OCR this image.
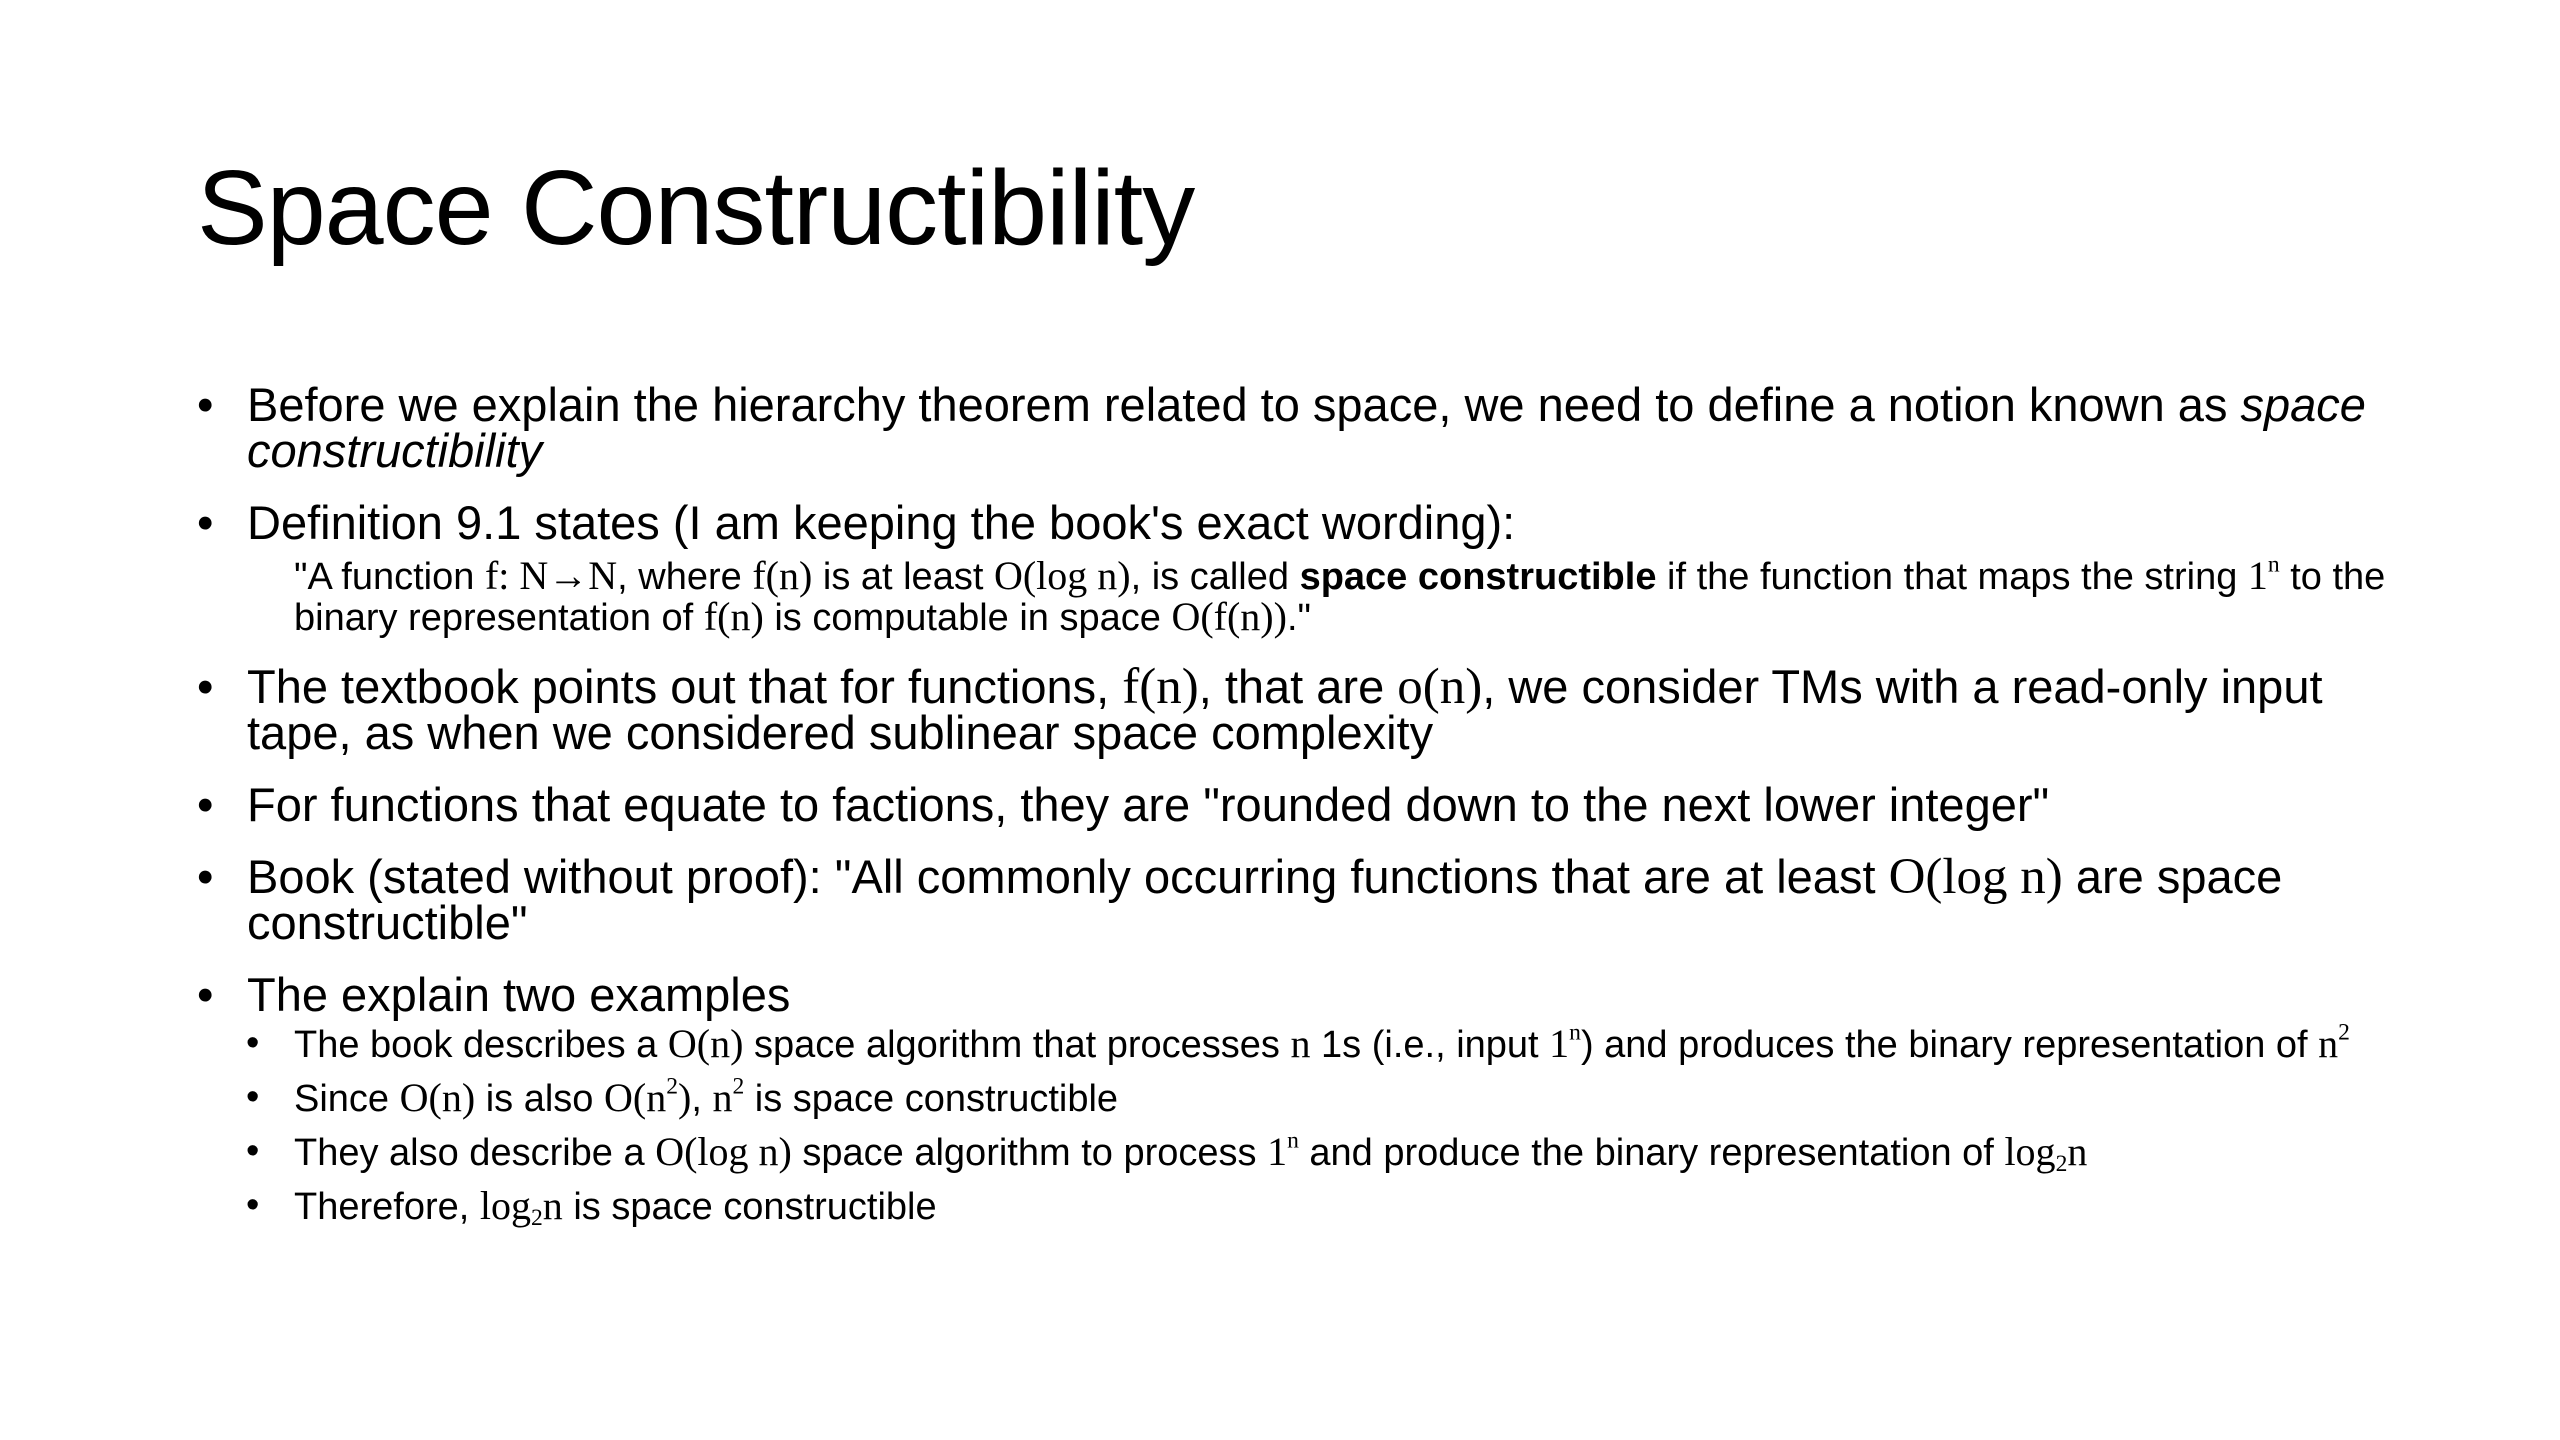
Space Constructibility
• Before we explain the hierarchy theorem related to space, we need to define a notion known as space constructibility
• Definition 9.1 states (I am keeping the book's exact wording):
"A function f: N→N, where f(n) is at least O(log n), is called space constructible if the function that maps the string 1$^n$ to the binary representation of f(n) is computable in space O(f(n))."
• The textbook points out that for functions, f(n), that are o(n), we consider TMs with a read-only input tape, as when we considered sublinear space complexity
• For functions that equate to factions, they are "rounded down to the next lower integer"
• Book (stated without proof): "All commonly occurring functions that are at least O(log n) are space constructible"
• The explain two examples
• The book describes a O(n) space algorithm that processes n 1s (i.e., input 1$^n$) and produces the binary representation of $n^2$
• Since O(n) is also $O(n^2)$, $n^2$ is space constructible
• They also describe a O(log n) space algorithm to process 1$^n$ and produce the binary representation of $\log_2n$
• Therefore, $\log_2n$ is space constructible
